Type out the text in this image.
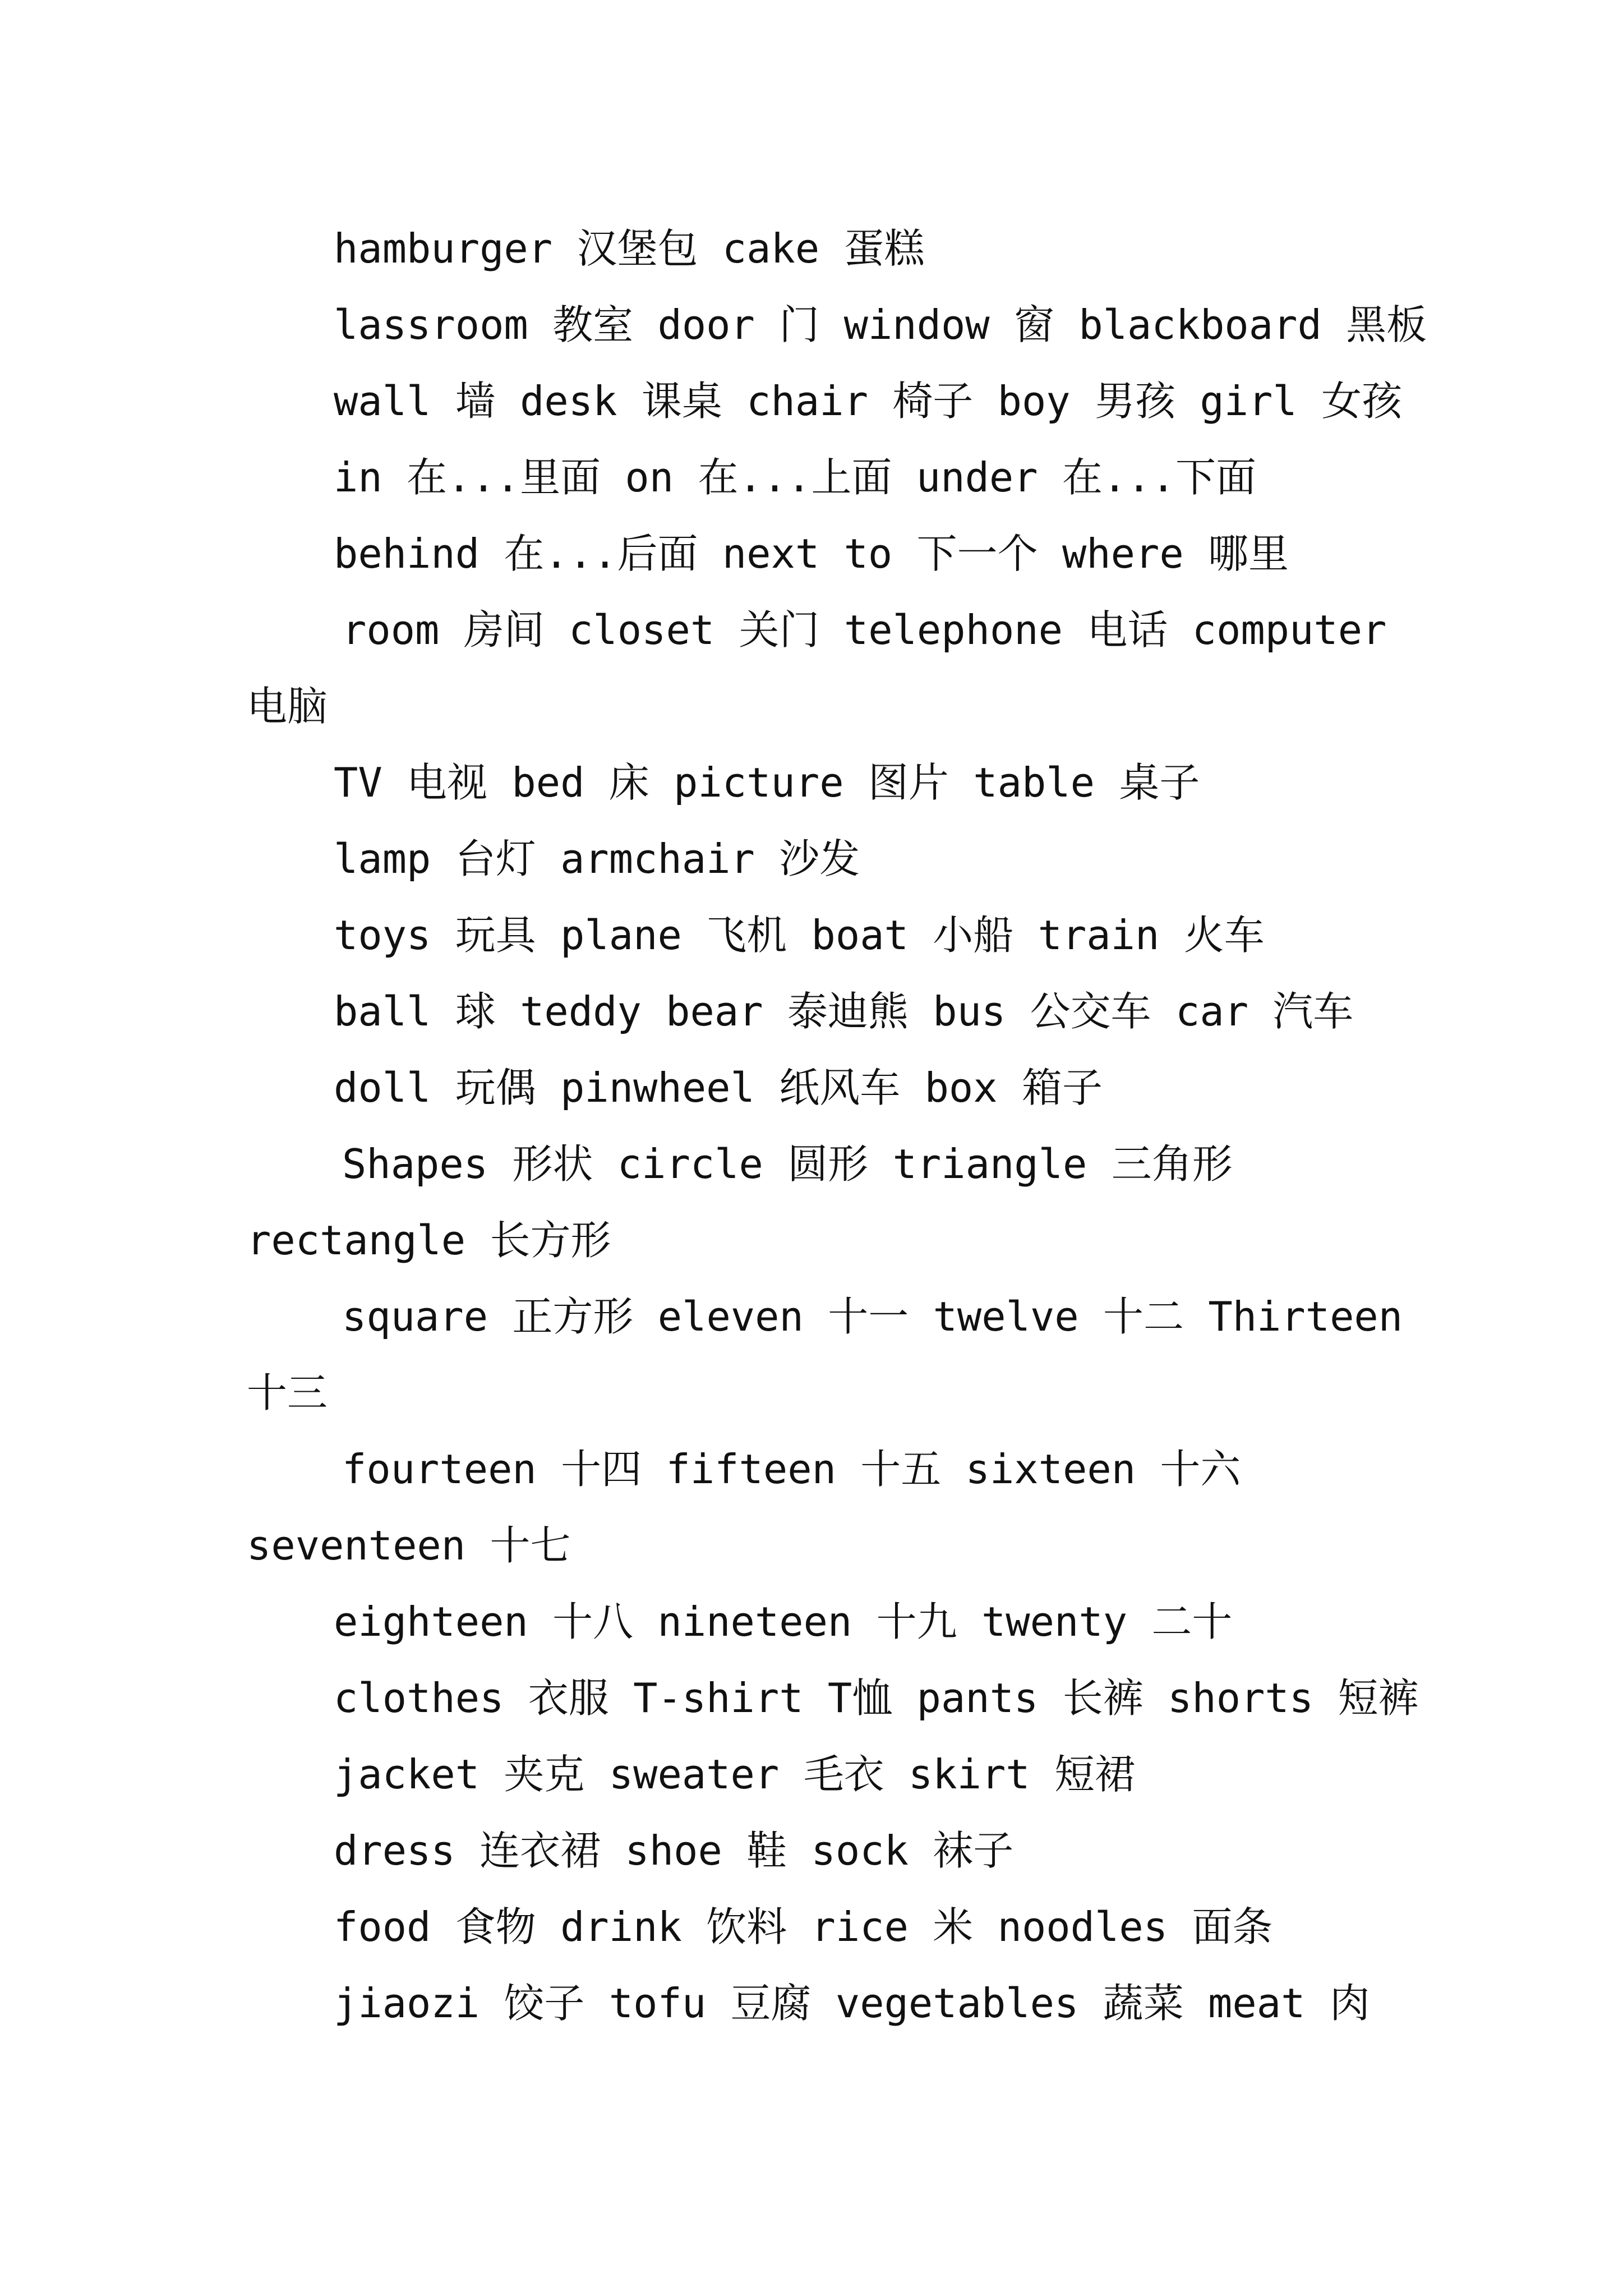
hamburger 汉堡包 cake 蛋糕
lassroom 教室 door 门 window 窗 blackboard 黑板
wall 墙 desk 课桌 chair 椅子 boy 男孩 girl 女孩
in 在...里面 on 在...上面 under 在...下面
behind 在...后面 next to 下一个 where 哪里
room 房间 closet 关门 telephone 电话 computer
电脑
TV 电视 bed 床 picture 图片 table 桌子
lamp 台灯 armchair 沙发
toys 玩具 plane 飞机 boat 小船 train 火车
ball 球 teddy bear 泰迪熊 bus 公交车 car 汽车
doll 玩偶 pinwheel 纸风车 box 箱子
Shapes 形状 circle 圆形 triangle 三角形
rectangle 长方形
square 正方形 eleven 十一 twelve 十二 Thirteen
十三
fourteen 十四 fifteen 十五 sixteen 十六
seventeen 十七
eighteen 十八 nineteen 十九 twenty 二十
clothes 衣服 T-shirt T恤 pants 长裤 shorts 短裤
jacket 夹克 sweater 毛衣 skirt 短裙
dress 连衣裙 shoe 鞋 sock 袜子
food 食物 drink 饮料 rice 米 noodles 面条
jiaozi 饺子 tofu 豆腐 vegetables 蔬菜 meat 肉
